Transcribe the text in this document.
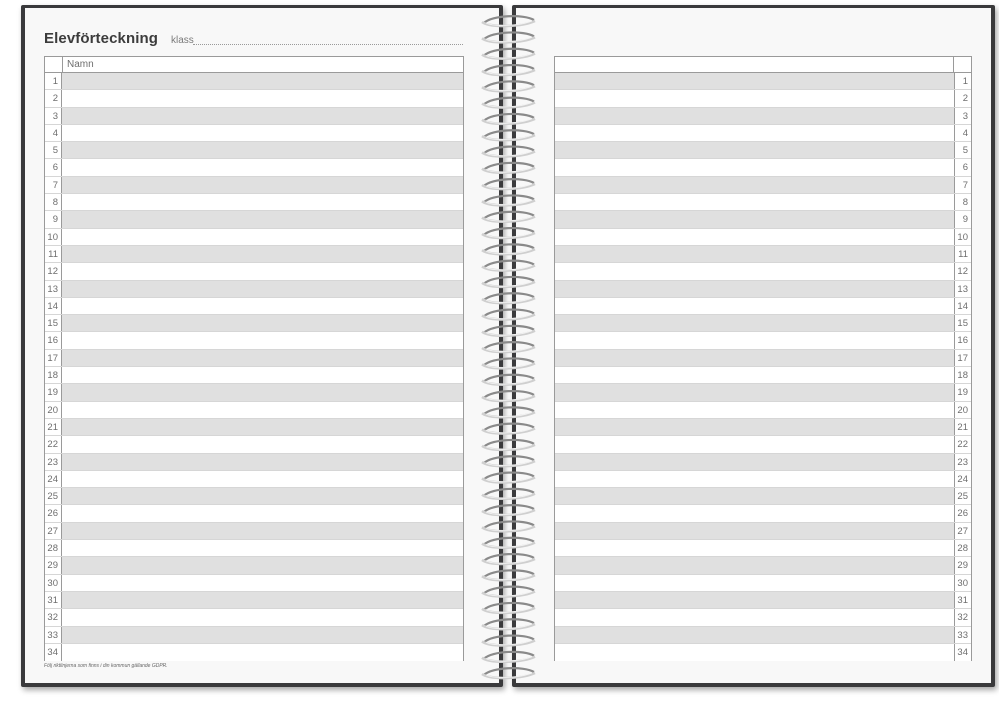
Elevförteckning klass
Namn
1
2
3
4
5
6
7
8
9
10
11
12
13
14
15
16
17
18
19
20
21
22
23
24
25
26
27
28
29
30
31
32
33
34
1
2
3
4
5
6
7
8
9
10
11
12
13
14
15
16
17
18
19
20
21
22
23
24
25
26
27
28
29
30
31
32
33
34
Följ riktlinjerna som finns i din kommun gällande GDPR.
